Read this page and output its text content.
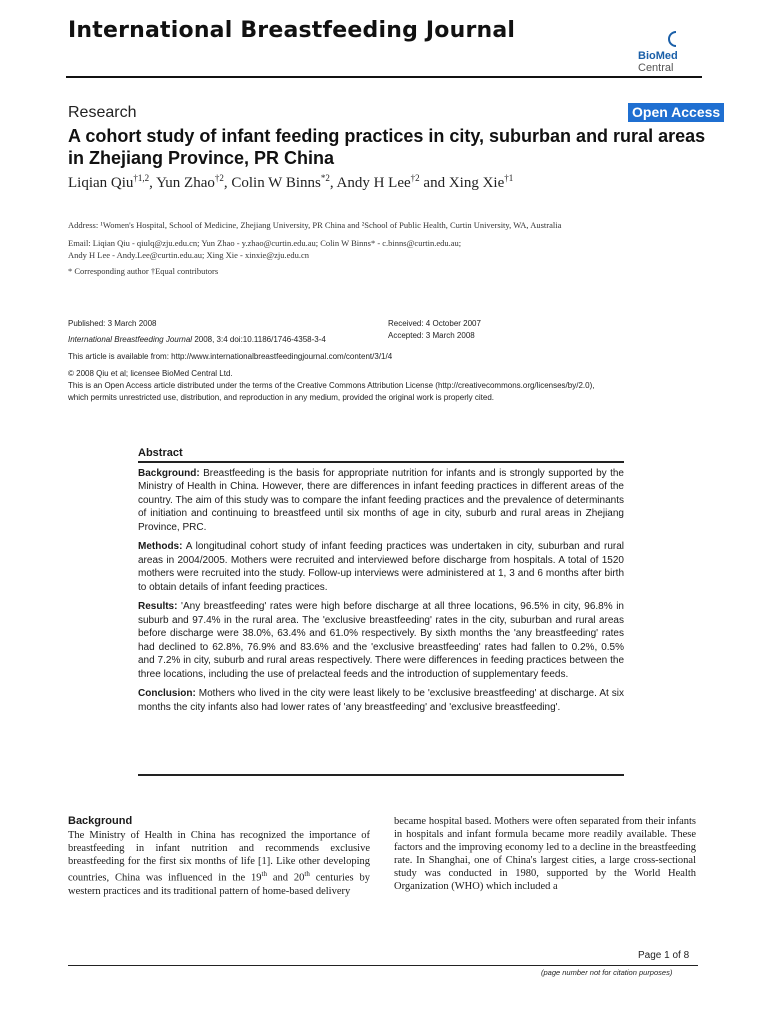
International Breastfeeding Journal
BioMed Central
Research	Open Access
A cohort study of infant feeding practices in city, suburban and rural areas in Zhejiang Province, PR China
Liqian Qiu$^{\dagger 1,2}$, Yun Zhao$^{\dagger 2}$, Colin W Binns$^{*2}$, Andy H Lee$^{\dagger 2}$ and Xing Xie$^{\dagger 1}$
Address: ¹Women's Hospital, School of Medicine, Zhejiang University, PR China and ²School of Public Health, Curtin University, WA, Australia
Email: Liqian Qiu - qiulq@zju.edu.cn; Yun Zhao - y.zhao@curtin.edu.au; Colin W Binns* - c.binns@curtin.edu.au;
Andy H Lee - Andy.Lee@curtin.edu.au; Xing Xie - xinxie@zju.edu.cn
* Corresponding author †Equal contributors
Published: 3 March 2008	Received: 4 October 2007
Accepted: 3 March 2008
International Breastfeeding Journal 2008, 3:4 doi:10.1186/1746-4358-3-4
This article is available from: http://www.internationalbreastfeedingjournal.com/content/3/1/4
© 2008 Qiu et al; licensee BioMed Central Ltd.
This is an Open Access article distributed under the terms of the Creative Commons Attribution License (http://creativecommons.org/licenses/by/2.0),
which permits unrestricted use, distribution, and reproduction in any medium, provided the original work is properly cited.
Abstract

Background: Breastfeeding is the basis for appropriate nutrition for infants and is strongly supported by the Ministry of Health in China. However, there are differences in infant feeding practices in different areas of the country. The aim of this study was to compare the infant feeding practices and the prevalence of determinants of initiation and continuing to breastfeed until six months of age in city, suburb and rural areas in Zhejiang Province, PRC.

Methods: A longitudinal cohort study of infant feeding practices was undertaken in city, suburban and rural areas in 2004/2005. Mothers were recruited and interviewed before discharge from hospitals. A total of 1520 mothers were recruited into the study. Follow-up interviews were administered at 1, 3 and 6 months after birth to obtain details of infant feeding practices.

Results: 'Any breastfeeding' rates were high before discharge at all three locations, 96.5% in city, 96.8% in suburb and 97.4% in the rural area. The 'exclusive breastfeeding' rates in the city, suburban and rural areas before discharge were 38.0%, 63.4% and 61.0% respectively. By sixth months the 'any breastfeeding' rates had declined to 62.8%, 76.9% and 83.6% and the 'exclusive breastfeeding' rates had fallen to 0.2%, 0.5% and 7.2% in city, suburb and rural areas respectively. There were differences in feeding practices between the three locations, including the use of prelacteal feeds and the introduction of supplementary feeds.

Conclusion: Mothers who lived in the city were least likely to be 'exclusive breastfeeding' at discharge. At six months the city infants also had lower rates of 'any breastfeeding' and 'exclusive breastfeeding'.

Background
The Ministry of Health in China has recognized the importance of breastfeeding in infant nutrition and recommends exclusive breastfeeding for the first six months of life [1]. Like other developing countries, China was influenced in the 19th and 20th centuries by western practices and its traditional pattern of home-based delivery
became hospital based. Mothers were often separated from their infants in hospitals and infant formula became more readily available. These factors and the improving economy led to a decline in the breastfeeding rate. In Shanghai, one of China's largest cities, a large cross-sectional study was conducted in 1980, supported by the World Health Organization (WHO) which included a
Page 1 of 8
(page number not for citation purposes)
